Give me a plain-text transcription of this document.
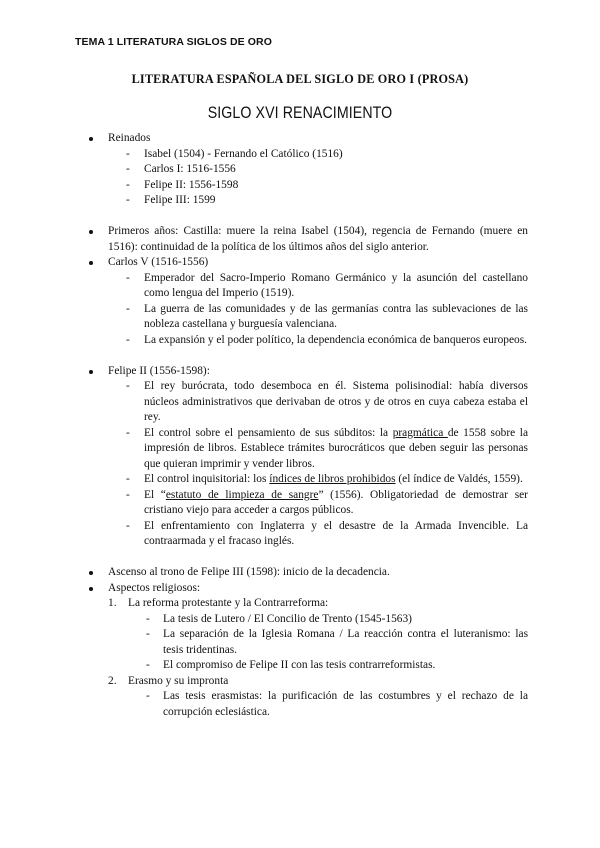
TEMA 1 LITERATURA SIGLOS DE ORO
LITERATURA ESPAÑOLA DEL SIGLO DE ORO I (PROSA)
SIGLO XVI RENACIMIENTO

Reinados

- Isabel (1504) - Fernando el Católico (1516)
- Carlos I: 1516-1556
- Felipe II: 1556-1598
- Felipe III: 1599

Primeros años: Castilla: muere la reina Isabel (1504), regencia de Fernando (muere en 1516): continuidad de la política de los últimos años del siglo anterior.

Carlos V (1516-1556)

- Emperador del Sacro-Imperio Romano Germánico y la asunción del castellano como lengua del Imperio (1519).
- La guerra de las comunidades y de las germanías contra las sublevaciones de las nobleza castellana y burguesía valenciana.
- La expansión y el poder político, la dependencia económica de banqueros europeos.

Felipe II (1556-1598):

- El rey burócrata, todo desemboca en él. Sistema polisinodial: había diversos núcleos administrativos que derivaban de otros y de otros en cuya cabeza estaba el rey.
- El control sobre el pensamiento de sus súbditos: la pragmática de 1558 sobre la impresión de libros. Establece trámites burocráticos que deben seguir las personas que quieran imprimir y vender libros.
- El control inquisitorial: los índices de libros prohibidos (el índice de Valdés, 1559).
- El “estatuto de limpieza de sangre” (1556). Obligatoriedad de demostrar ser cristiano viejo para acceder a cargos públicos.
- El enfrentamiento con Inglaterra y el desastre de la Armada Invencible. La contraarmada y el fracaso inglés.

Ascenso al trono de Felipe III (1598): inicio de la decadencia.

Aspectos religiosos:

1. La reforma protestante y la Contrarreforma:
- La tesis de Lutero / El Concilio de Trento (1545-1563)
- La separación de la Iglesia Romana / La reacción contra el luteranismo: las tesis tridentinas.
- El compromiso de Felipe II con las tesis contrarreformistas.
2. Erasmo y su impronta
- Las tesis erasmistas: la purificación de las costumbres y el rechazo de la corrupción eclesiástica.
